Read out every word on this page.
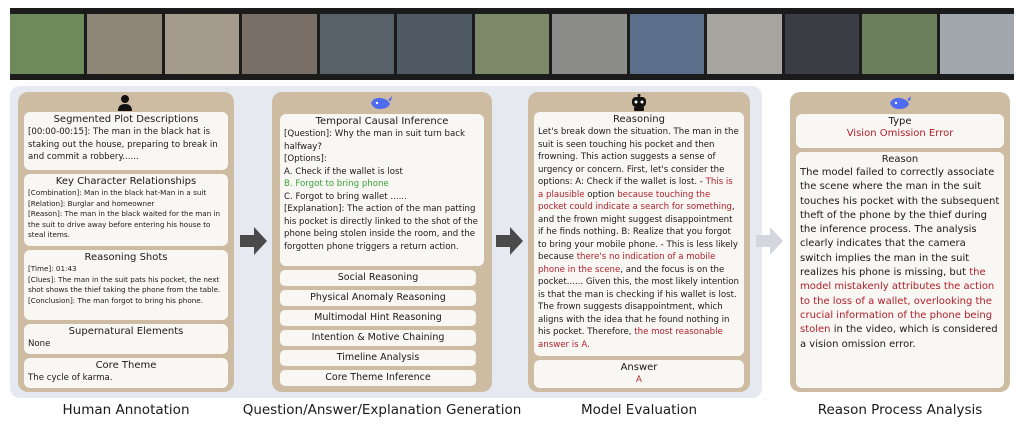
Segmented Plot Descriptions
[00:00-00:15]: The man in the black hat is staking out the house, preparing to break in and commit a robbery......
Key Character Relationships
[Combination]: Man in the black hat-Man in a suit
[Relation]: Burglar and homeowner
[Reason]: The man in the black waited for the man in the suit to drive away before entering his house to steal items.
Reasoning Shots
[Time]: 01:43
[Clues]: The man in the suit pats his pocket, the next shot shows the thief taking the phone from the table.
[Conclusion]: The man forgot to bring his phone.
Supernatural Elements
None
Core Theme
The cycle of karma.
Temporal Causal Inference
[Question]: Why the man in suit turn back halfway?
[Options]:
A. Check if the wallet is lost
B. Forgot to bring phone
C. Forgot to bring wallet ......
[Explanation]: The action of the man patting his pocket is directly linked to the shot of the phone being stolen inside the room, and the forgotten phone triggers a return action.
Social Reasoning
Physical Anomaly Reasoning
Multimodal Hint Reasoning
Intention & Motive Chaining
Timeline Analysis
Core Theme Inference
Reasoning
Let's break down the situation. The man in the suit is seen touching his pocket and then frowning. This action suggests a sense of urgency or concern. First, let's consider the options: A: Check if the wallet is lost. - This is a plausible option because touching the pocket could indicate a search for something, and the frown might suggest disappointment if he finds nothing. B: Realize that you forgot to bring your mobile phone. - This is less likely because there's no indication of a mobile phone in the scene, and the focus is on the pocket...... Given this, the most likely intention is that the man is checking if his wallet is lost. The frown suggests disappointment, which aligns with the idea that he found nothing in his pocket. Therefore, the most reasonable answer is A.
Answer
A
Type
Vision Omission Error
Reason
The model failed to correctly associate the scene where the man in the suit touches his pocket with the subsequent theft of the phone by the thief during the inference process. The analysis clearly indicates that the camera switch implies the man in the suit realizes his phone is missing, but the model mistakenly attributes the action to the loss of a wallet, overlooking the crucial information of the phone being stolen in the video, which is considered a vision omission error.
Human Annotation	Question/Answer/Explanation Generation	Model Evaluation	Reason Process Analysis
